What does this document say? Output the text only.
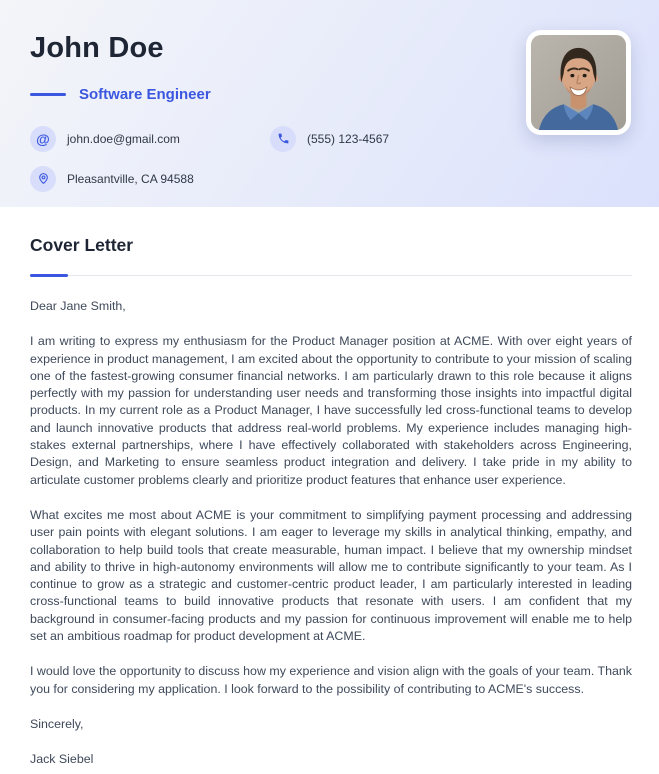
John Doe
Software Engineer
@ john.doe@gmail.com	(555) 123-4567
Pleasantville, CA 94588
Cover Letter

Dear Jane Smith,

I am writing to express my enthusiasm for the Product Manager position at ACME. With over eight years of experience in product management, I am excited about the opportunity to contribute to your mission of scaling one of the fastest-growing consumer financial networks. I am particularly drawn to this role because it aligns perfectly with my passion for understanding user needs and transforming those insights into impactful digital products. In my current role as a Product Manager, I have successfully led cross-functional teams to develop and launch innovative products that address real-world problems. My experience includes managing high-stakes external partnerships, where I have effectively collaborated with stakeholders across Engineering, Design, and Marketing to ensure seamless product integration and delivery. I take pride in my ability to articulate customer problems clearly and prioritize product features that enhance user experience.

What excites me most about ACME is your commitment to simplifying payment processing and addressing user pain points with elegant solutions. I am eager to leverage my skills in analytical thinking, empathy, and collaboration to help build tools that create measurable, human impact. I believe that my ownership mindset and ability to thrive in high-autonomy environments will allow me to contribute significantly to your team. As I continue to grow as a strategic and customer-centric product leader, I am particularly interested in leading cross-functional teams to build innovative products that resonate with users. I am confident that my background in consumer-facing products and my passion for continuous improvement will enable me to help set an ambitious roadmap for product development at ACME.

I would love the opportunity to discuss how my experience and vision align with the goals of your team. Thank you for considering my application. I look forward to the possibility of contributing to ACME's success.

Sincerely,

Jack Siebel
